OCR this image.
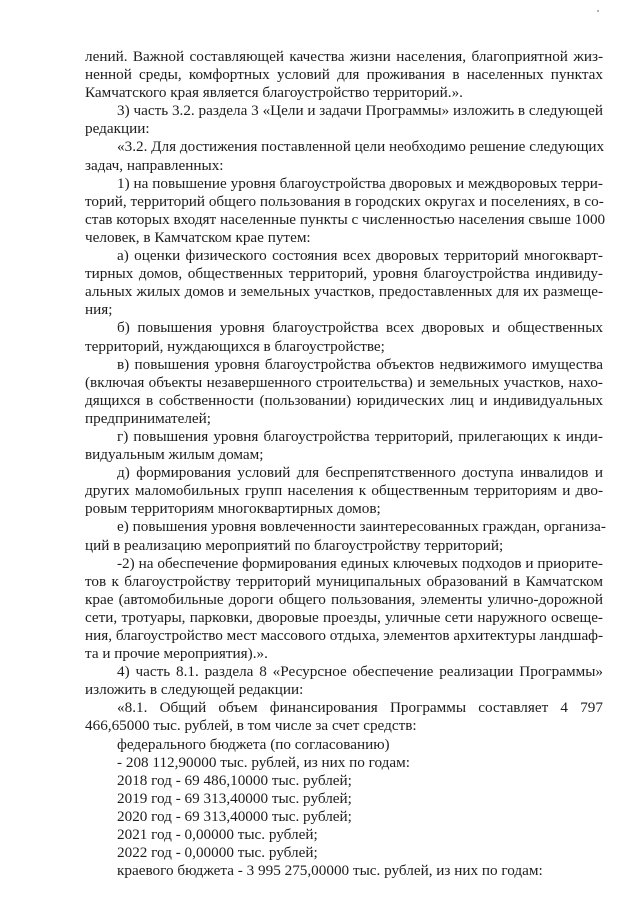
лений. Важной составляющей качества жизни населения, благоприятной жиз-
ненной среды, комфортных условий для проживания в населенных пунктах
Камчатского края является благоустройство территорий.».
3) часть 3.2. раздела 3 «Цели и задачи Программы» изложить в следующей
редакции:
«3.2. Для достижения поставленной цели необходимо решение следующих
задач, направленных:
1) на повышение уровня благоустройства дворовых и междворовых терри-
торий, территорий общего пользования в городских округах и поселениях, в со-
став которых входят населенные пункты с численностью населения свыше 1000
человек, в Камчатском крае путем:
а) оценки физического состояния всех дворовых территорий многокварт-
тирных домов, общественных территорий, уровня благоустройства индивиду-
альных жилых домов и земельных участков, предоставленных для их размеще-
ния;
б) повышения уровня благоустройства всех дворовых и общественных
территорий, нуждающихся в благоустройстве;
в) повышения уровня благоустройства объектов недвижимого имущества
(включая объекты незавершенного строительства) и земельных участков, нахо-
дящихся в собственности (пользовании) юридических лиц и индивидуальных
предпринимателей;
г) повышения уровня благоустройства территорий, прилегающих к инди-
видуальным жилым домам;
д) формирования условий для беспрепятственного доступа инвалидов и
других маломобильных групп населения к общественным территориям и дво-
ровым территориям многоквартирных домов;
е) повышения уровня вовлеченности заинтересованных граждан, организа-
ций в реализацию мероприятий по благоустройству территорий;
-2) на обеспечение формирования единых ключевых подходов и приорите-
тов к благоустройству территорий муниципальных образований в Камчатском
крае (автомобильные дороги общего пользования, элементы улично-дорожной
сети, тротуары, парковки, дворовые проезды, уличные сети наружного освеще-
ния, благоустройство мест массового отдыха, элементов архитектуры ландшаф-
та и прочие мероприятия).».
4) часть 8.1. раздела 8 «Ресурсное обеспечение реализации Программы»
изложить в следующей редакции:
«8.1. Общий объем финансирования Программы составляет 4 797
466,65000 тыс. рублей, в том числе за счет средств:
федерального бюджета (по согласованию)
- 208 112,90000 тыс. рублей, из них по годам:
2018 год - 69 486,10000 тыс. рублей;
2019 год - 69 313,40000 тыс. рублей;
2020 год - 69 313,40000 тыс. рублей;
2021 год - 0,00000 тыс. рублей;
2022 год - 0,00000 тыс. рублей;
краевого бюджета - 3 995 275,00000 тыс. рублей, из них по годам:
